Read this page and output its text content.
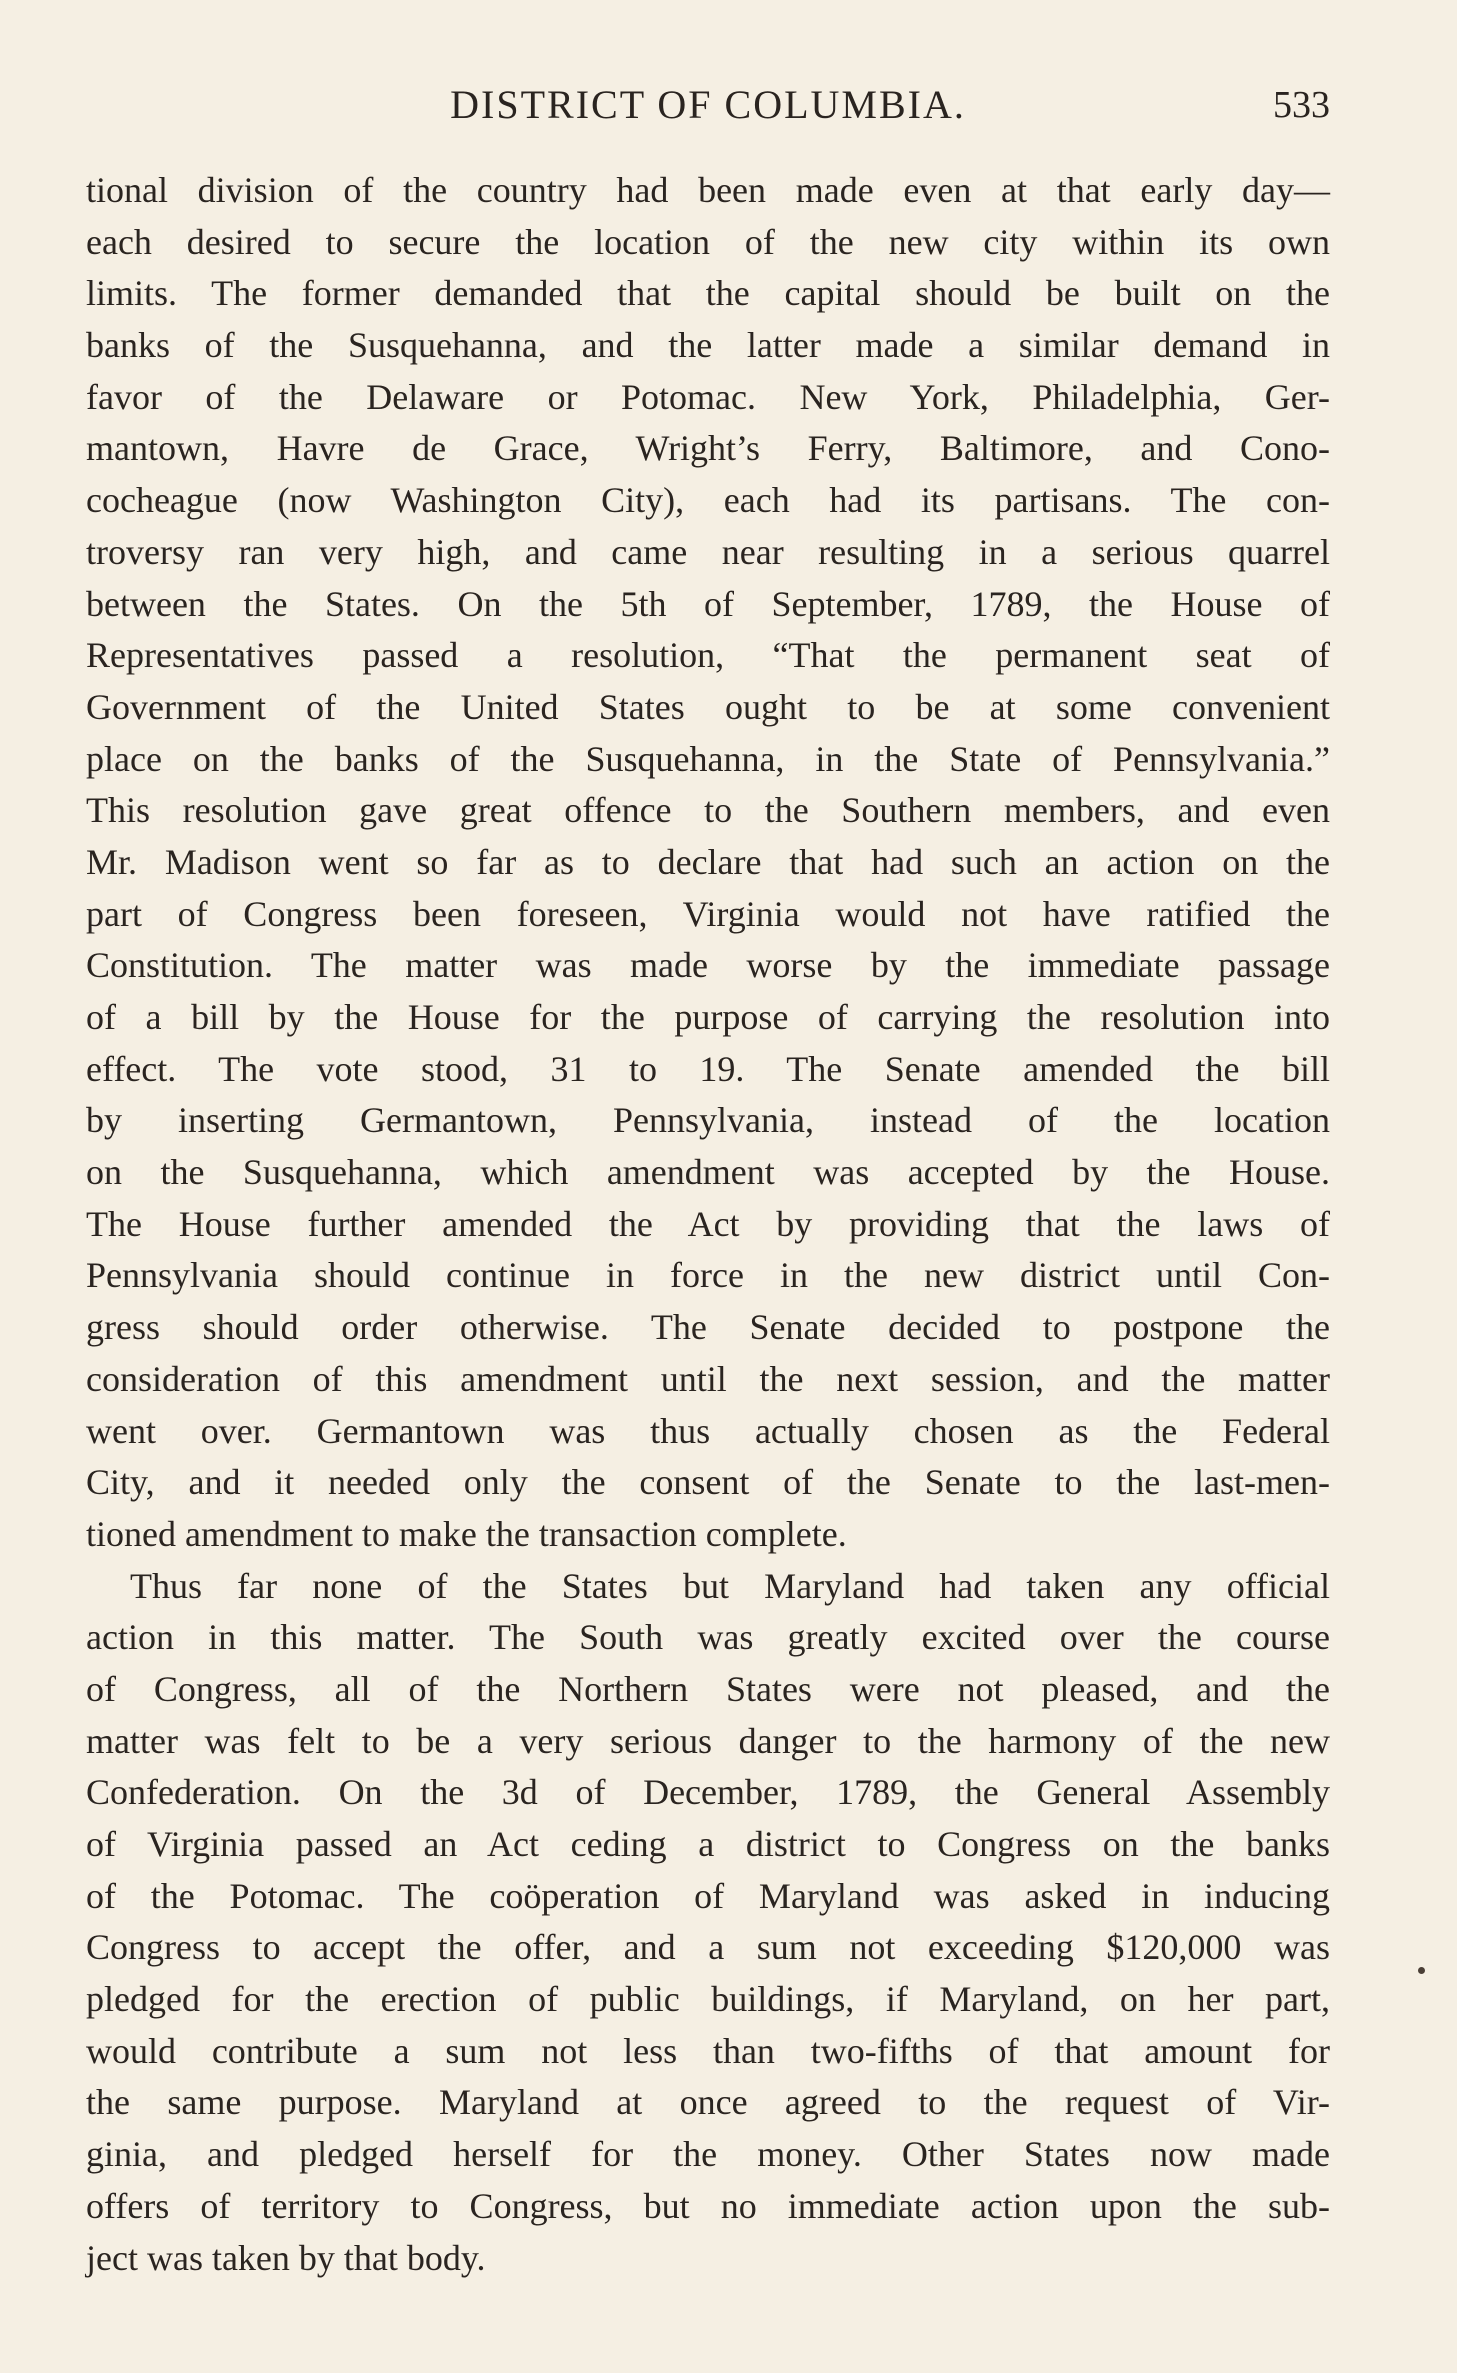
DISTRICT OF COLUMBIA.	533
tional division of the country had been made even at that early day—
each desired to secure the location of the new city within its own
limits. The former demanded that the capital should be built on the
banks of the Susquehanna, and the latter made a similar demand in
favor of the Delaware or Potomac. New York, Philadelphia, Ger-
mantown, Havre de Grace, Wright’s Ferry, Baltimore, and Cono-
cocheague (now Washington City), each had its partisans. The con-
troversy ran very high, and came near resulting in a serious quarrel
between the States. On the 5th of September, 1789, the House of
Representatives passed a resolution, “That the permanent seat of
Government of the United States ought to be at some convenient
place on the banks of the Susquehanna, in the State of Pennsylvania.”
This resolution gave great offence to the Southern members, and even
Mr. Madison went so far as to declare that had such an action on the
part of Congress been foreseen, Virginia would not have ratified the
Constitution. The matter was made worse by the immediate passage
of a bill by the House for the purpose of carrying the resolution into
effect. The vote stood, 31 to 19. The Senate amended the bill
by inserting Germantown, Pennsylvania, instead of the location
on the Susquehanna, which amendment was accepted by the House.
The House further amended the Act by providing that the laws of
Pennsylvania should continue in force in the new district until Con-
gress should order otherwise. The Senate decided to postpone the
consideration of this amendment until the next session, and the matter
went over. Germantown was thus actually chosen as the Federal
City, and it needed only the consent of the Senate to the last-men-
tioned amendment to make the transaction complete.
Thus far none of the States but Maryland had taken any official
action in this matter. The South was greatly excited over the course
of Congress, all of the Northern States were not pleased, and the
matter was felt to be a very serious danger to the harmony of the new
Confederation. On the 3d of December, 1789, the General Assembly
of Virginia passed an Act ceding a district to Congress on the banks
of the Potomac. The coöperation of Maryland was asked in inducing
Congress to accept the offer, and a sum not exceeding $120,000 was
pledged for the erection of public buildings, if Maryland, on her part,
would contribute a sum not less than two-fifths of that amount for
the same purpose. Maryland at once agreed to the request of Vir-
ginia, and pledged herself for the money. Other States now made
offers of territory to Congress, but no immediate action upon the sub-
ject was taken by that body.
